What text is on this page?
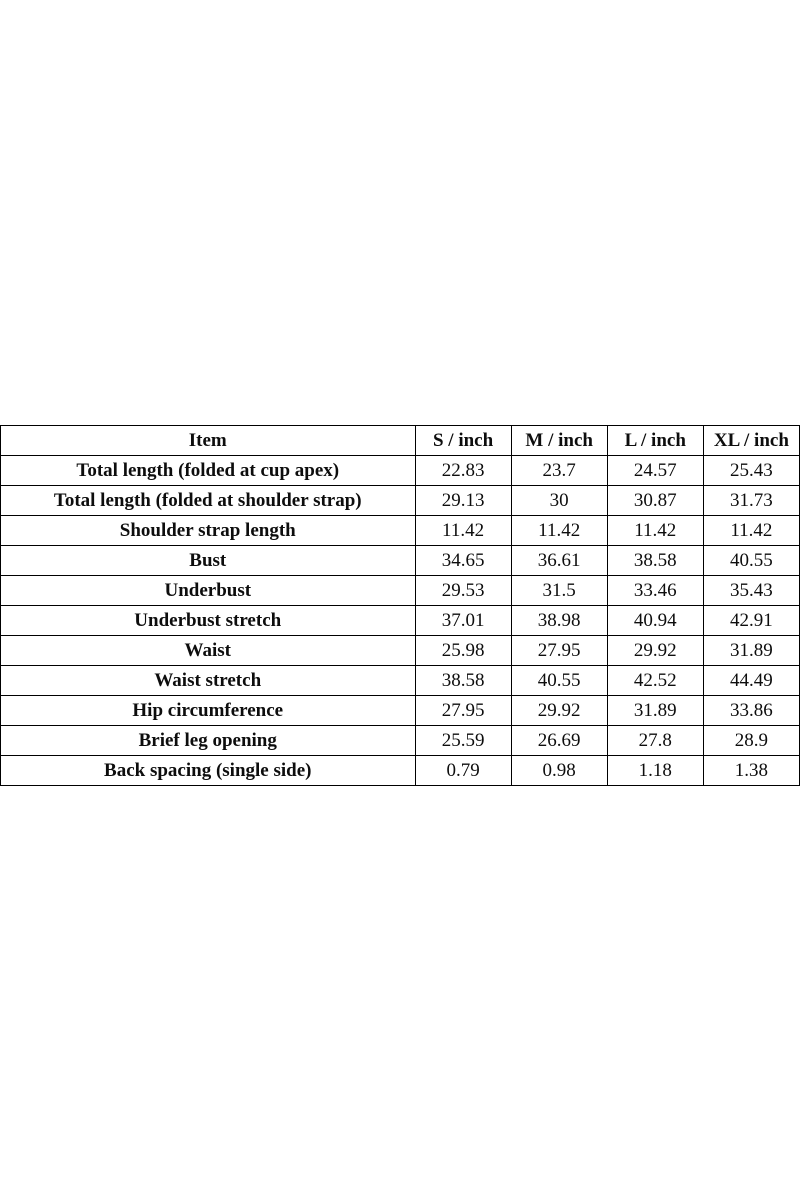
Item	S / inch	M / inch	L / inch	XL / inch
Total length (folded at cup apex)	22.83	23.7	24.57	25.43
Total length (folded at shoulder strap)	29.13	30	30.87	31.73
Shoulder strap length	11.42	11.42	11.42	11.42
Bust	34.65	36.61	38.58	40.55
Underbust	29.53	31.5	33.46	35.43
Underbust stretch	37.01	38.98	40.94	42.91
Waist	25.98	27.95	29.92	31.89
Waist stretch	38.58	40.55	42.52	44.49
Hip circumference	27.95	29.92	31.89	33.86
Brief leg opening	25.59	26.69	27.8	28.9
Back spacing (single side)	0.79	0.98	1.18	1.38
